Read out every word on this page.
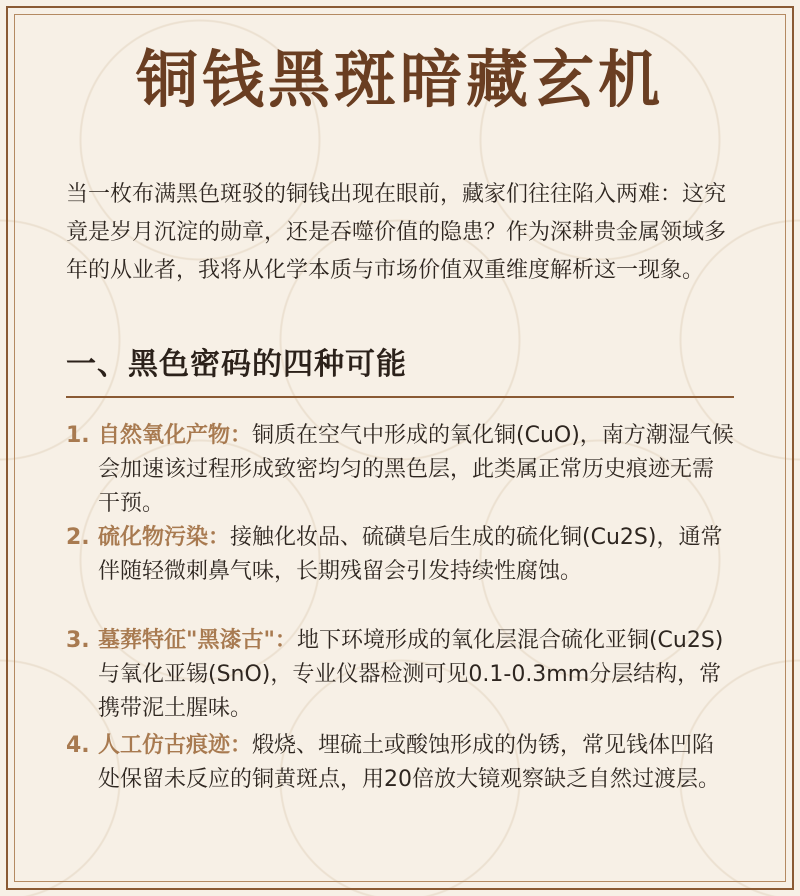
铜钱黑斑暗藏玄机
当一枚布满黑色斑驳的铜钱出现在眼前，藏家们往往陷入两难：这究竟是岁月沉淀的勋章，还是吞噬价值的隐患？作为深耕贵金属领域多年的从业者，我将从化学本质与市场价值双重维度解析这一现象。
一、黑色密码的四种可能
1. 自然氧化产物：铜质在空气中形成的氧化铜(CuO)，南方潮湿气候会加速该过程形成致密均匀的黑色层，此类属正常历史痕迹无需干预。
2. 硫化物污染：接触化妆品、硫磺皂后生成的硫化铜(Cu2S)，通常伴随轻微刺鼻气味，长期残留会引发持续性腐蚀。
3. 墓葬特征"黑漆古"：地下环境形成的氧化层混合硫化亚铜(Cu2S)与氧化亚锡(SnO)，专业仪器检测可见0.1-0.3mm分层结构，常携带泥土腥味。
4. 人工仿古痕迹：煅烧、埋硫土或酸蚀形成的伪锈，常见钱体凹陷处保留未反应的铜黄斑点，用20倍放大镜观察缺乏自然过渡层。
